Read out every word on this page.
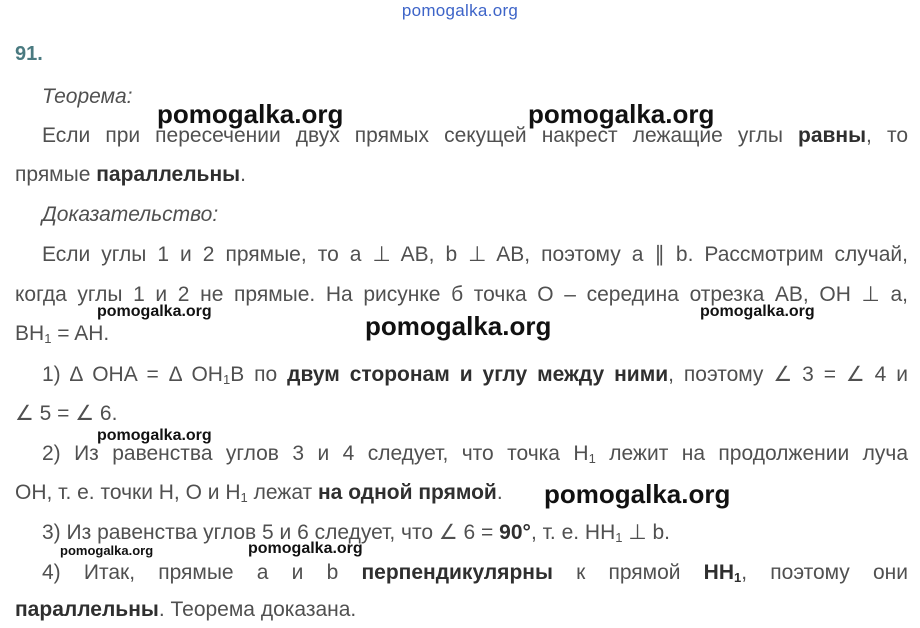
pomogalka.org
91.
Теорема:
Если при пересечении двух прямых секущей накрест лежащие углы равны, то
прямые параллельны.
Доказательство:
Если углы 1 и 2 прямые, то a ⊥ AB, b ⊥ AB, поэтому a ∥ b. Рассмотрим случай,
когда углы 1 и 2 не прямые. На рисунке б точка O – середина отрезка AB, OH ⊥ a,
$BH_1$ = AH.
1) Δ OHA = Δ $OH_1B$ по двум сторонам и углу между ними, поэтому ∠ 3 = ∠ 4 и
∠ 5 = ∠ 6.
2) Из равенства углов 3 и 4 следует, что точка $H_1$ лежит на продолжении луча
OH, т. е. точки H, O и $H_1$ лежат на одной прямой.
3) Из равенства углов 5 и 6 следует, что ∠ 6 = 90°, т. е. $HH_1$ ⊥ b.
4) Итак, прямые a и b перпендикулярны к прямой $HH_1$, поэтому они
параллельны. Теорема доказана.
pomogalka.org	pomogalka.org
pomogalka.org	pomogalka.org	pomogalka.org
pomogalka.org
pomogalka.org
pomogalka.org	pomogalka.org
